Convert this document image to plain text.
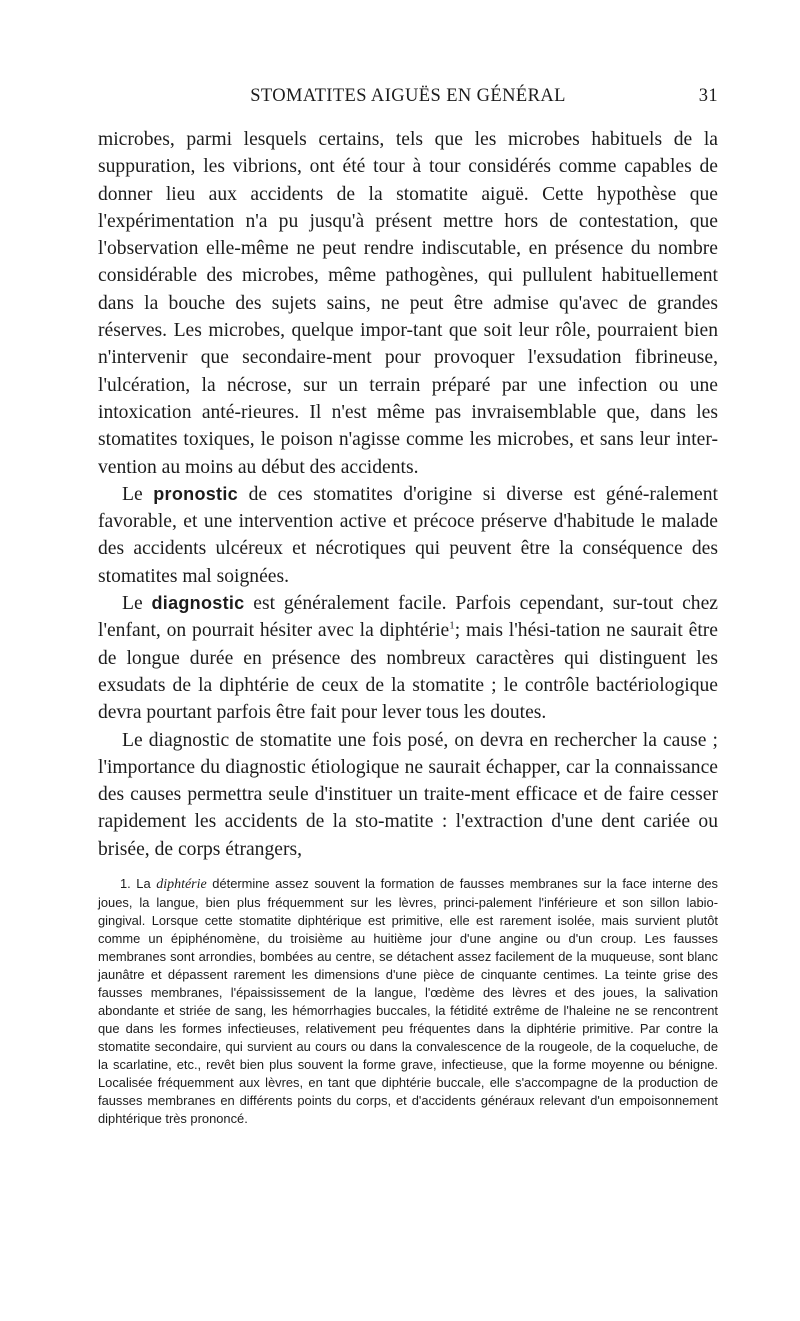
STOMATITES AIGUËS EN GÉNÉRAL	31

microbes, parmi lesquels certains, tels que les microbes habituels de la suppuration, les vibrions, ont été tour à tour considérés comme capables de donner lieu aux accidents de la stomatite aiguë. Cette hypothèse que l'expérimentation n'a pu jusqu'à présent mettre hors de contestation, que l'observation elle-même ne peut rendre indiscutable, en présence du nombre considérable des microbes, même pathogènes, qui pullulent habituellement dans la bouche des sujets sains, ne peut être admise qu'avec de grandes réserves. Les microbes, quelque impor-tant que soit leur rôle, pourraient bien n'intervenir que secondaire-ment pour provoquer l'exsudation fibrineuse, l'ulcération, la nécrose, sur un terrain préparé par une infection ou une intoxication anté-rieures. Il n'est même pas invraisemblable que, dans les stomatites toxiques, le poison n'agisse comme les microbes, et sans leur inter-vention au moins au début des accidents.

Le pronostic de ces stomatites d'origine si diverse est géné-ralement favorable, et une intervention active et précoce préserve d'habitude le malade des accidents ulcéreux et nécrotiques qui peuvent être la conséquence des stomatites mal soignées.

Le diagnostic est généralement facile. Parfois cependant, sur-tout chez l'enfant, on pourrait hésiter avec la diphtérie$^1$; mais l'hési-tation ne saurait être de longue durée en présence des nombreux caractères qui distinguent les exsudats de la diphtérie de ceux de la stomatite ; le contrôle bactériologique devra pourtant parfois être fait pour lever tous les doutes.

Le diagnostic de stomatite une fois posé, on devra en rechercher la cause ; l'importance du diagnostic étiologique ne saurait échapper, car la connaissance des causes permettra seule d'instituer un traite-ment efficace et de faire cesser rapidement les accidents de la sto-matite : l'extraction d'une dent cariée ou brisée, de corps étrangers,

1. La diphtérie détermine assez souvent la formation de fausses membranes sur la face interne des joues, la langue, bien plus fréquemment sur les lèvres, princi-palement l'inférieure et son sillon labio-gingival. Lorsque cette stomatite diphtérique est primitive, elle est rarement isolée, mais survient plutôt comme un épiphénomène, du troisième au huitième jour d'une angine ou d'un croup. Les fausses membranes sont arrondies, bombées au centre, se détachent assez facilement de la muqueuse, sont blanc jaunâtre et dépassent rarement les dimensions d'une pièce de cinquante centimes. La teinte grise des fausses membranes, l'épaississement de la langue, l'œdème des lèvres et des joues, la salivation abondante et striée de sang, les hémorrhagies buccales, la fétidité extrême de l'haleine ne se rencontrent que dans les formes infectieuses, relativement peu fréquentes dans la diphtérie primitive. Par contre la stomatite secondaire, qui survient au cours ou dans la convalescence de la rougeole, de la coqueluche, de la scarlatine, etc., revêt bien plus souvent la forme grave, infectieuse, que la forme moyenne ou bénigne. Localisée fréquemment aux lèvres, en tant que diphtérie buccale, elle s'accompagne de la production de fausses membranes en différents points du corps, et d'accidents généraux relevant d'un empoisonnement diphtérique très prononcé.
